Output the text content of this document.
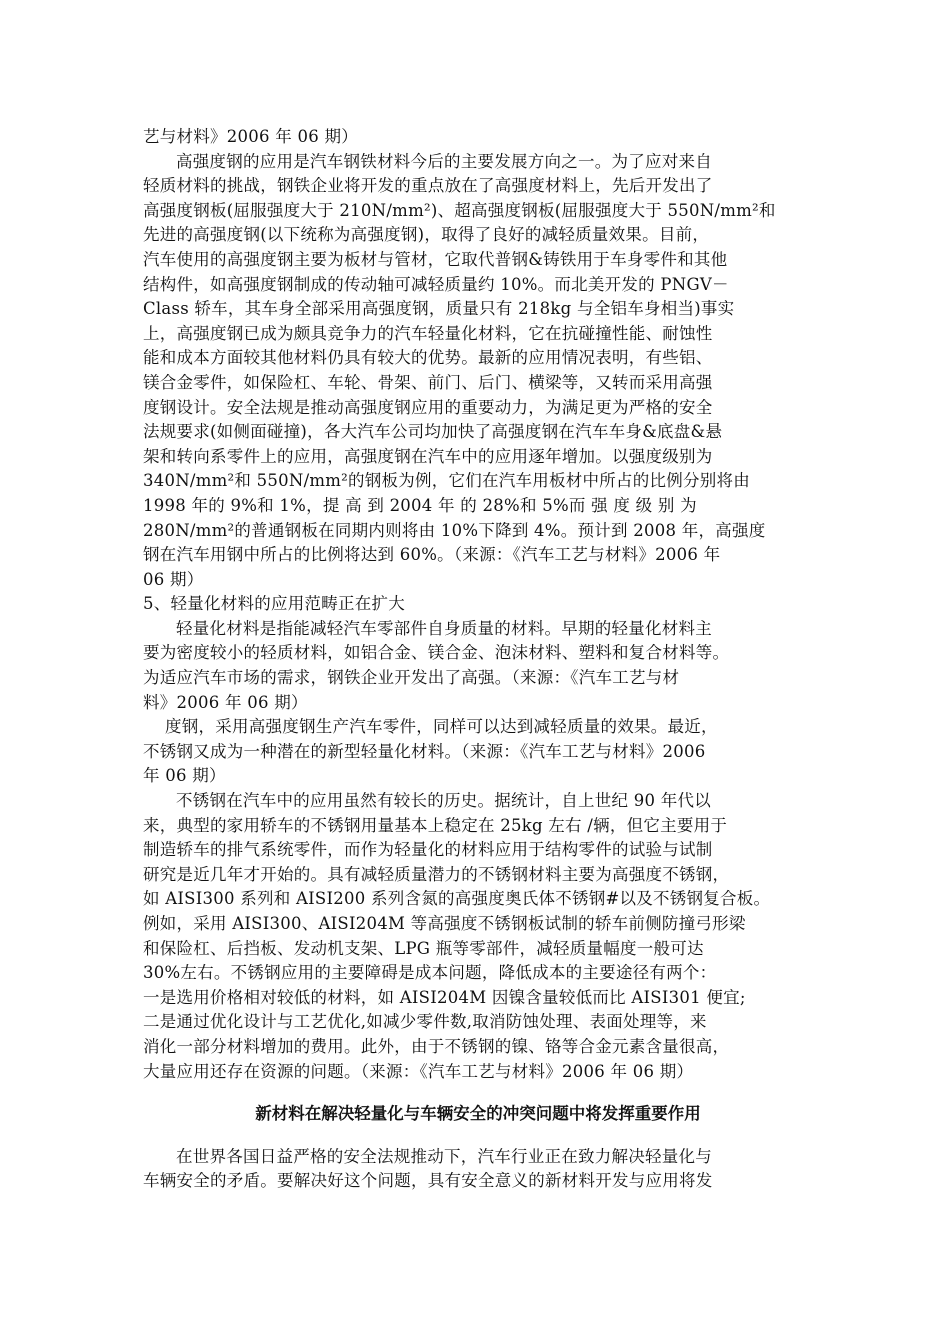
艺与材料》2006 年 06 期）
高强度钢的应用是汽车钢铁材料今后的主要发展方向之一。为了应对来自
轻质材料的挑战，钢铁企业将开发的重点放在了高强度材料上，先后开发出了
高强度钢板(屈服强度大于 210N/mm²)、超高强度钢板(屈服强度大于 550N/mm²和
先进的高强度钢(以下统称为高强度钢)，取得了良好的减轻质量效果。目前，
汽车使用的高强度钢主要为板材与管材，它取代普钢&铸铁用于车身零件和其他
结构件，如高强度钢制成的传动轴可减轻质量约 10%。而北美开发的 PNGV－
Class 轿车，其车身全部采用高强度钢，质量只有 218kg 与全铝车身相当)事实
上，高强度钢已成为颇具竞争力的汽车轻量化材料，它在抗碰撞性能、耐蚀性
能和成本方面较其他材料仍具有较大的优势。最新的应用情况表明，有些铝、
镁合金零件，如保险杠、车轮、骨架、前门、后门、横梁等，又转而采用高强
度钢设计。安全法规是推动高强度钢应用的重要动力，为满足更为严格的安全
法规要求(如侧面碰撞)，各大汽车公司均加快了高强度钢在汽车车身&底盘&悬
架和转向系零件上的应用，高强度钢在汽车中的应用逐年增加。以强度级别为
340N/mm²和 550N/mm²的钢板为例，它们在汽车用板材中所占的比例分别将由
1998 年的 9%和 1%，提 高 到 2004 年 的 28%和 5%而 强 度 级 别 为
280N/mm²的普通钢板在同期内则将由 10%下降到 4%。预计到 2008 年，高强度
钢在汽车用钢中所占的比例将达到 60%。（来源：《汽车工艺与材料》2006 年
06 期）
5、轻量化材料的应用范畴正在扩大
轻量化材料是指能减轻汽车零部件自身质量的材料。早期的轻量化材料主
要为密度较小的轻质材料，如铝合金、镁合金、泡沫材料、塑料和复合材料等。
为适应汽车市场的需求，钢铁企业开发出了高强。（来源：《汽车工艺与材
料》2006 年 06 期）
度钢，采用高强度钢生产汽车零件，同样可以达到减轻质量的效果。最近，
不锈钢又成为一种潜在的新型轻量化材料。（来源：《汽车工艺与材料》2006
年 06 期）
不锈钢在汽车中的应用虽然有较长的历史。据统计，自上世纪 90 年代以
来，典型的家用轿车的不锈钢用量基本上稳定在 25kg 左右 /辆，但它主要用于
制造轿车的排气系统零件，而作为轻量化的材料应用于结构零件的试验与试制
研究是近几年才开始的。具有减轻质量潜力的不锈钢材料主要为高强度不锈钢，
如 AISI300 系列和 AISI200 系列含氮的高强度奥氏体不锈钢#以及不锈钢复合板。
例如，采用 AISI300、AISI204M 等高强度不锈钢板试制的轿车前侧防撞弓形梁
和保险杠、后挡板、发动机支架、LPG 瓶等零部件，减轻质量幅度一般可达
30%左右。不锈钢应用的主要障碍是成本问题，降低成本的主要途径有两个：
一是选用价格相对较低的材料，如 AISI204M 因镍含量较低而比 AISI301 便宜;
二是通过优化设计与工艺优化,如减少零件数,取消防蚀处理、表面处理等，来
消化一部分材料增加的费用。此外，由于不锈钢的镍、铬等合金元素含量很高，
大量应用还存在资源的问题。（来源：《汽车工艺与材料》2006 年 06 期）
新材料在解决轻量化与车辆安全的冲突问题中将发挥重要作用
在世界各国日益严格的安全法规推动下，汽车行业正在致力解决轻量化与
车辆安全的矛盾。要解决好这个问题，具有安全意义的新材料开发与应用将发
